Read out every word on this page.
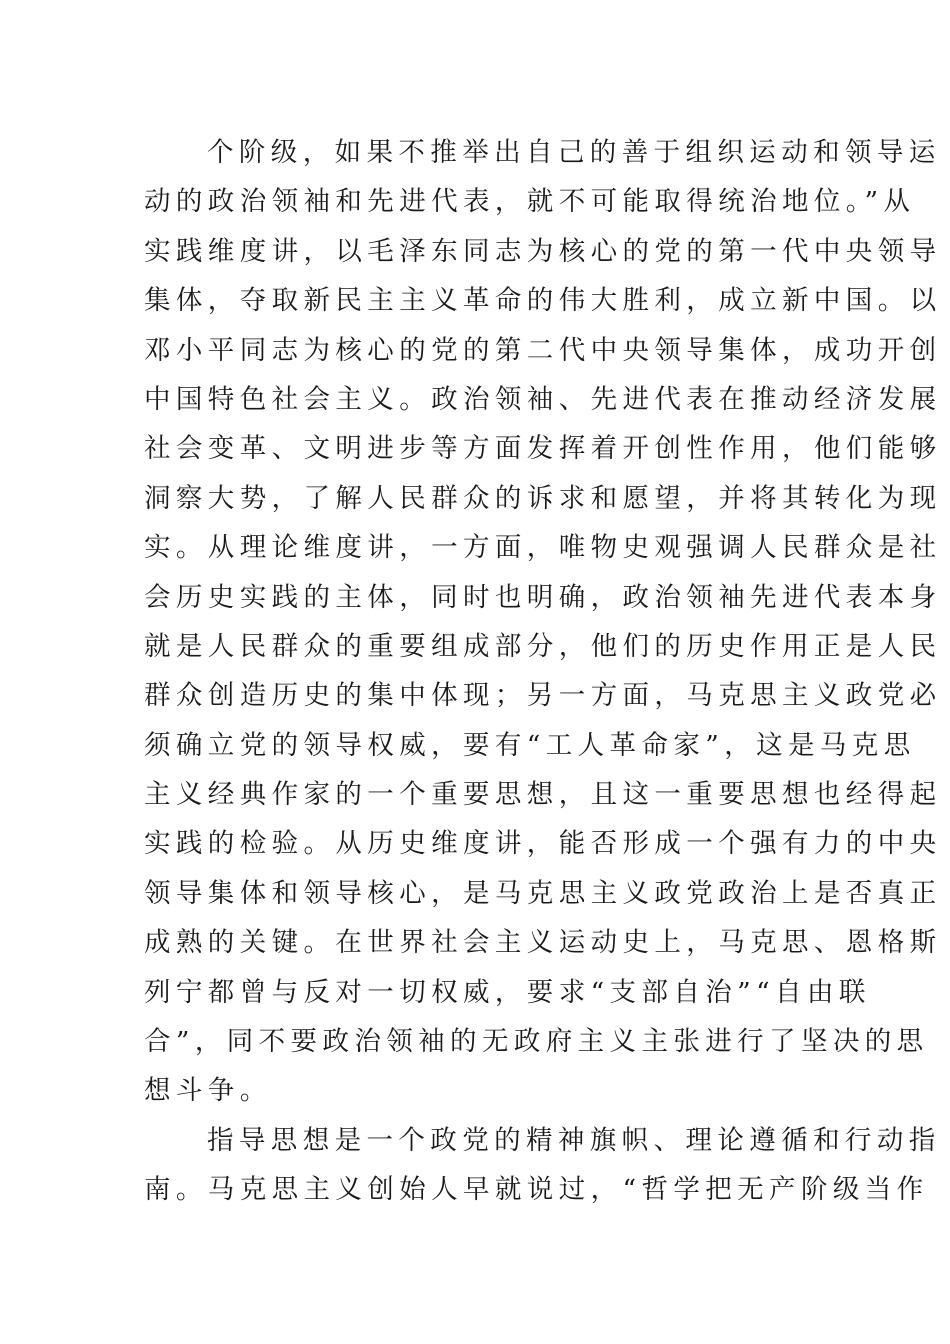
个阶级，如果不推举出自己的善于组织运动和领导运
动的政治领袖和先进代表，就不可能取得统治地位。”从
实践维度讲，以毛泽东同志为核心的党的第一代中央领导
集体，夺取新民主主义革命的伟大胜利，成立新中国。以
邓小平同志为核心的党的第二代中央领导集体，成功开创
中国特色社会主义。政治领袖、先进代表在推动经济发展
社会变革、文明进步等方面发挥着开创性作用，他们能够
洞察大势，了解人民群众的诉求和愿望，并将其转化为现
实。从理论维度讲，一方面，唯物史观强调人民群众是社
会历史实践的主体，同时也明确，政治领袖先进代表本身
就是人民群众的重要组成部分，他们的历史作用正是人民
群众创造历史的集中体现；另一方面，马克思主义政党必
须确立党的领导权威，要有“工人革命家”，这是马克思
主义经典作家的一个重要思想，且这一重要思想也经得起
实践的检验。从历史维度讲，能否形成一个强有力的中央
领导集体和领导核心，是马克思主义政党政治上是否真正
成熟的关键。在世界社会主义运动史上，马克思、恩格斯
列宁都曾与反对一切权威，要求“支部自治”“自由联
合”，同不要政治领袖的无政府主义主张进行了坚决的思
想斗争。
指导思想是一个政党的精神旗帜、理论遵循和行动指
南。马克思主义创始人早就说过，“哲学把无产阶级当作
